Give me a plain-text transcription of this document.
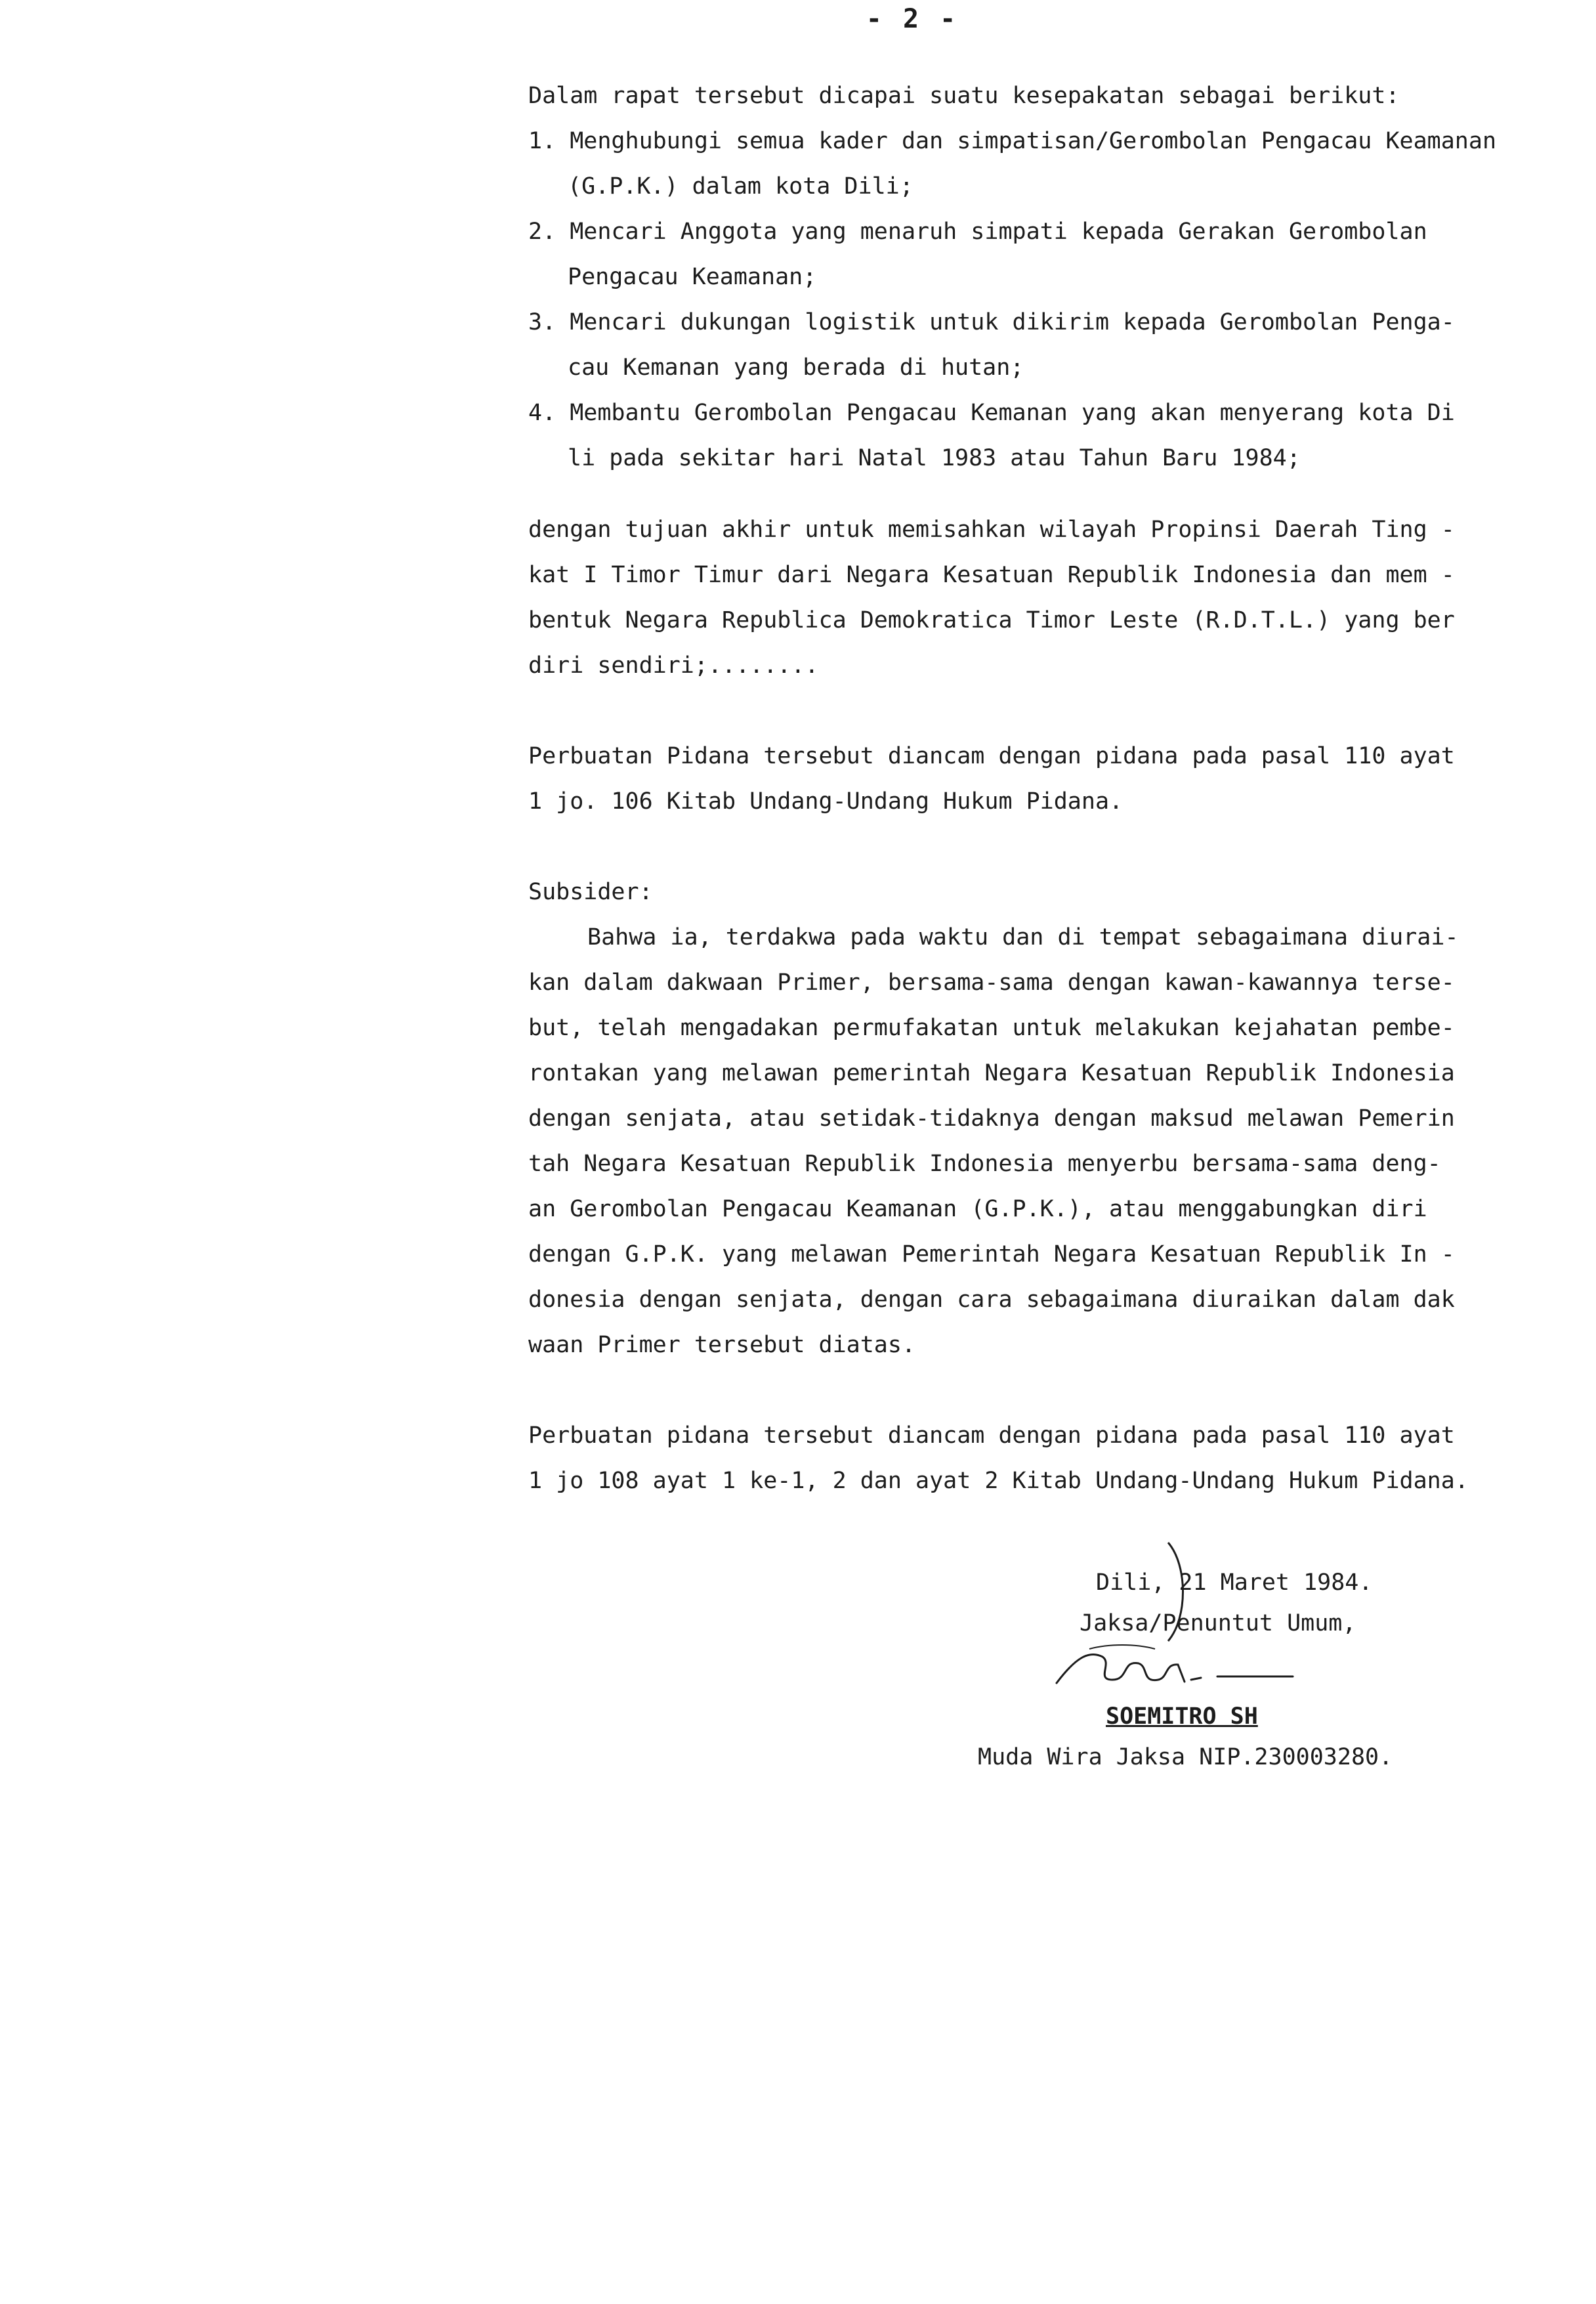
- 2 -
Dalam rapat tersebut dicapai suatu kesepakatan sebagai berikut:
1. Menghubungi semua kader dan simpatisan/Gerombolan Pengacau Keamanan
(G.P.K.) dalam kota Dili;
2. Mencari Anggota yang menaruh simpati kepada Gerakan Gerombolan
Pengacau Keamanan;
3. Mencari dukungan logistik untuk dikirim kepada Gerombolan Penga-
cau Kemanan yang berada di hutan;
4. Membantu Gerombolan Pengacau Kemanan yang akan menyerang kota Di
li pada sekitar hari Natal 1983 atau Tahun Baru 1984;
dengan tujuan akhir untuk memisahkan wilayah Propinsi Daerah Ting -
kat I Timor Timur dari Negara Kesatuan Republik Indonesia dan mem -
bentuk Negara Republica Demokratica Timor Leste (R.D.T.L.) yang ber
diri sendiri;........
Perbuatan Pidana tersebut diancam dengan pidana pada pasal 110 ayat
1 jo. 106 Kitab Undang-Undang Hukum Pidana.
Subsider:
Bahwa ia, terdakwa pada waktu dan di tempat sebagaimana diurai-
kan dalam dakwaan Primer, bersama-sama dengan kawan-kawannya terse-
but, telah mengadakan permufakatan untuk melakukan kejahatan pembe-
rontakan yang melawan pemerintah Negara Kesatuan Republik Indonesia
dengan senjata, atau setidak-tidaknya dengan maksud melawan Pemerin
tah Negara Kesatuan Republik Indonesia menyerbu bersama-sama deng-
an Gerombolan Pengacau Keamanan (G.P.K.), atau menggabungkan diri
dengan G.P.K. yang melawan Pemerintah Negara Kesatuan Republik In -
donesia dengan senjata, dengan cara sebagaimana diuraikan dalam dak
waan Primer tersebut diatas.
Perbuatan pidana tersebut diancam dengan pidana pada pasal 110 ayat
1 jo 108 ayat 1 ke-1, 2 dan ayat 2 Kitab Undang-Undang Hukum Pidana.
Dili, 21 Maret 1984.
Jaksa/Penuntut Umum,
SOEMITRO SH
Muda Wira Jaksa NIP.230003280.
